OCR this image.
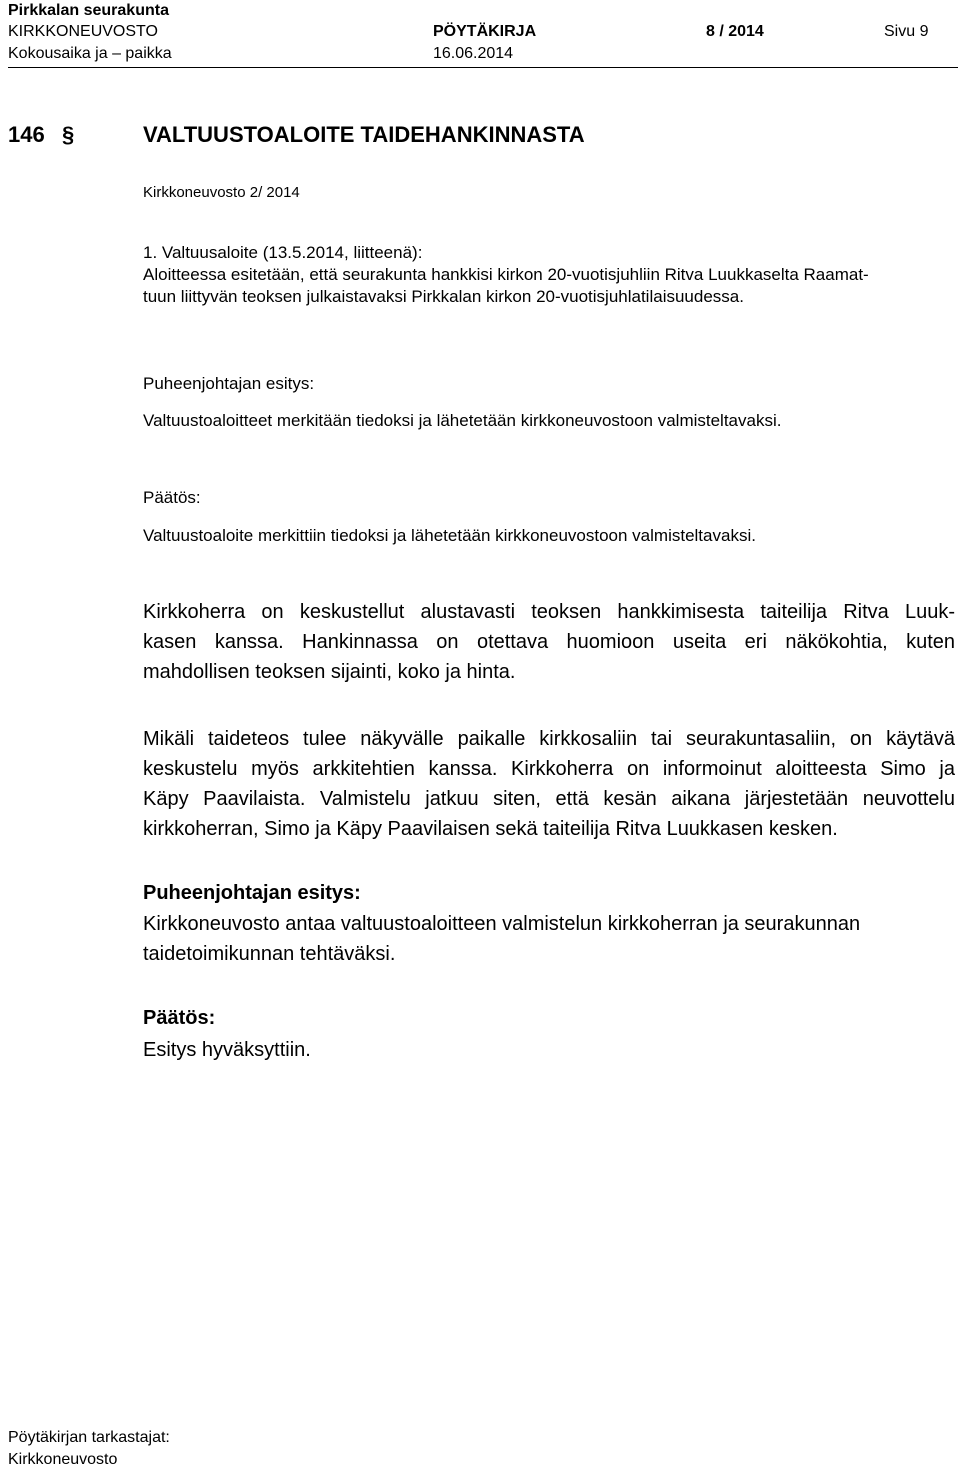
Pirkkalan seurakunta
KIRKKONEUVOSTO	PÖYTÄKIRJA	8 / 2014	Sivu 9
Kokousaika ja – paikka	16.06.2014
146 §	VALTUUSTOALOITE TAIDEHANKINNASTA
Kirkkoneuvosto 2/ 2014
1. Valtuusaloite (13.5.2014, liitteenä):
Aloitteessa esitetään, että seurakunta hankkisi kirkon 20-vuotisjuhliin Ritva Luukkaselta Raamat-
tuun liittyvän teoksen julkaistavaksi Pirkkalan kirkon 20-vuotisjuhlatilaisuudessa.
Puheenjohtajan esitys:
Valtuustoaloitteet merkitään tiedoksi ja lähetetään kirkkoneuvostoon valmisteltavaksi.
Päätös:
Valtuustoaloite merkittiin tiedoksi ja lähetetään kirkkoneuvostoon valmisteltavaksi.
Kirkkoherra on keskustellut alustavasti teoksen hankkimisesta taiteilija Ritva Luuk-
kasen kanssa. Hankinnassa on otettava huomioon useita eri näkökohtia, kuten
mahdollisen teoksen sijainti, koko ja hinta.
Mikäli taideteos tulee näkyvälle paikalle kirkkosaliin tai seurakuntasaliin, on käytävä
keskustelu myös arkkitehtien kanssa. Kirkkoherra on informoinut aloitteesta Simo ja
Käpy Paavilaista. Valmistelu jatkuu siten, että kesän aikana järjestetään neuvottelu
kirkkoherran, Simo ja Käpy Paavilaisen sekä taiteilija Ritva Luukkasen kesken.
Puheenjohtajan esitys:
Kirkkoneuvosto antaa valtuustoaloitteen valmistelun kirkkoherran ja seurakunnan
taidetoimikunnan tehtäväksi.
Päätös:
Esitys hyväksyttiin.
Pöytäkirjan tarkastajat:
Kirkkoneuvosto
